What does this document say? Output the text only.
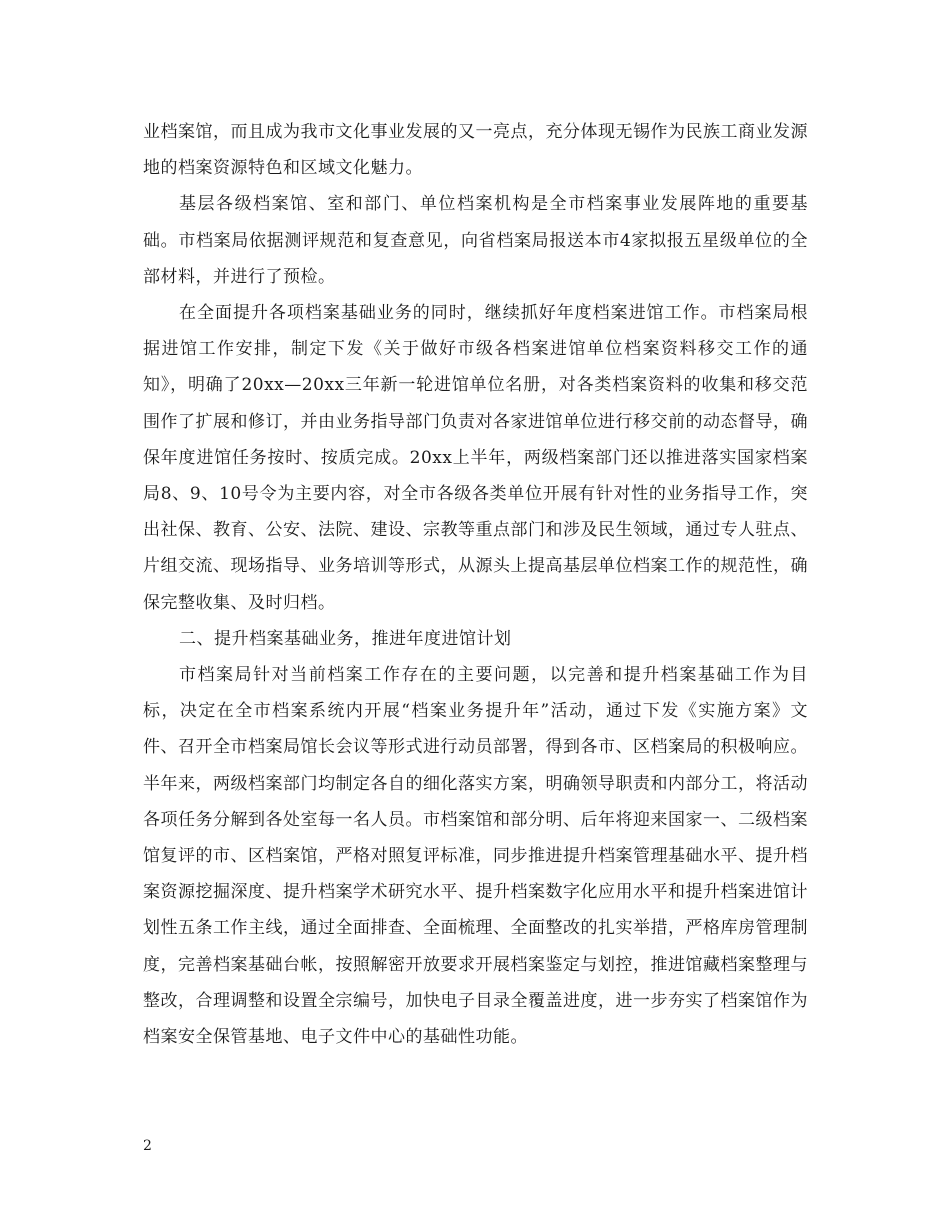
业档案馆，而且成为我市文化事业发展的又一亮点，充分体现无锡作为民族工商业发源地的档案资源特色和区域文化魅力。

基层各级档案馆、室和部门、单位档案机构是全市档案事业发展阵地的重要基础。市档案局依据测评规范和复查意见，向省档案局报送本市4家拟报五星级单位的全部材料，并进行了预检。

在全面提升各项档案基础业务的同时，继续抓好年度档案进馆工作。市档案局根据进馆工作安排，制定下发《关于做好市级各档案进馆单位档案资料移交工作的通知》，明确了20xx—20xx三年新一轮进馆单位名册，对各类档案资料的收集和移交范围作了扩展和修订，并由业务指导部门负责对各家进馆单位进行移交前的动态督导，确保年度进馆任务按时、按质完成。20xx上半年，两级档案部门还以推进落实国家档案局8、9、10号令为主要内容，对全市各级各类单位开展有针对性的业务指导工作，突出社保、教育、公安、法院、建设、宗教等重点部门和涉及民生领域，通过专人驻点、片组交流、现场指导、业务培训等形式，从源头上提高基层单位档案工作的规范性，确保完整收集、及时归档。

二、提升档案基础业务，推进年度进馆计划

市档案局针对当前档案工作存在的主要问题，以完善和提升档案基础工作为目标，决定在全市档案系统内开展“档案业务提升年”活动，通过下发《实施方案》文件、召开全市档案局馆长会议等形式进行动员部署，得到各市、区档案局的积极响应。半年来，两级档案部门均制定各自的细化落实方案，明确领导职责和内部分工，将活动各项任务分解到各处室每一名人员。市档案馆和部分明、后年将迎来国家一、二级档案馆复评的市、区档案馆，严格对照复评标准，同步推进提升档案管理基础水平、提升档案资源挖掘深度、提升档案学术研究水平、提升档案数字化应用水平和提升档案进馆计划性五条工作主线，通过全面排查、全面梳理、全面整改的扎实举措，严格库房管理制度，完善档案基础台帐，按照解密开放要求开展档案鉴定与划控，推进馆藏档案整理与整改，合理调整和设置全宗编号，加快电子目录全覆盖进度，进一步夯实了档案馆作为档案安全保管基地、电子文件中心的基础性功能。

2
